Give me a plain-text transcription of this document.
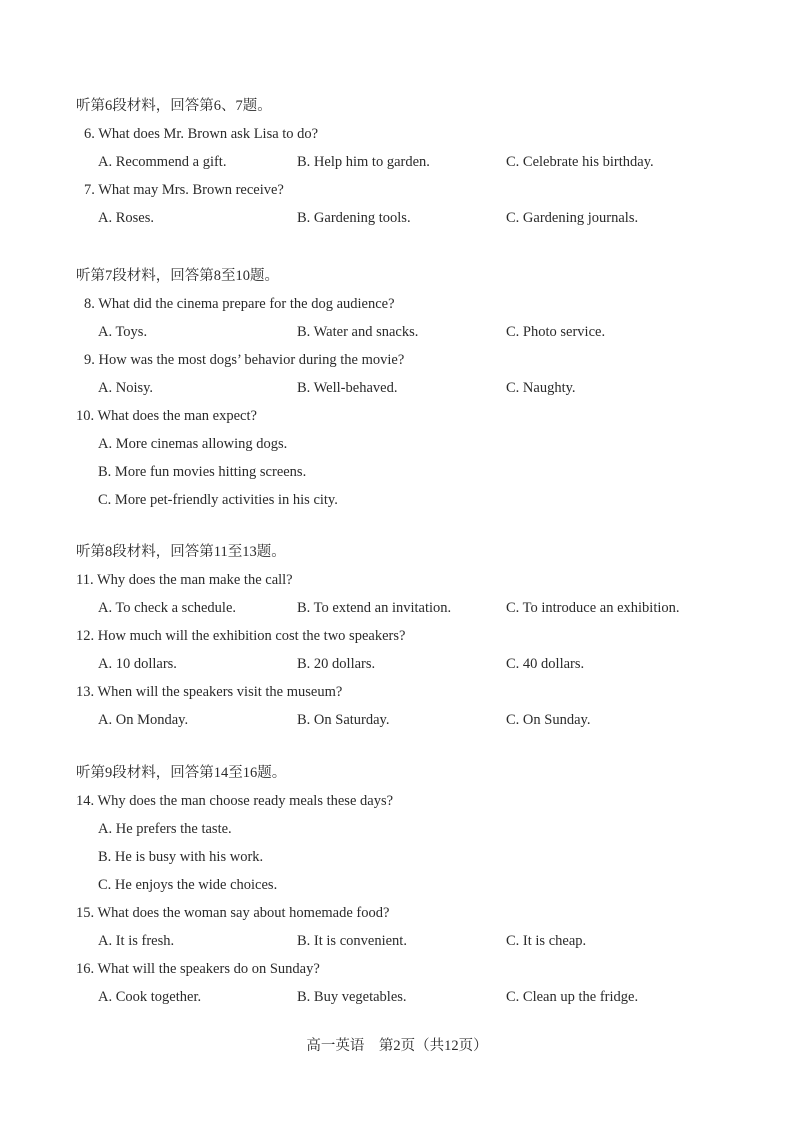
听第6段材料，回答第6、7题。
6. What does Mr. Brown ask Lisa to do?
A. Recommend a gift.	B. Help him to garden.	C. Celebrate his birthday.
7. What may Mrs. Brown receive?
A. Roses.	B. Gardening tools.	C. Gardening journals.
听第7段材料，回答第8至10题。
8. What did the cinema prepare for the dog audience?
A. Toys.	B. Water and snacks.	C. Photo service.
9. How was the most dogs’ behavior during the movie?
A. Noisy.	B. Well-behaved.	C. Naughty.
10. What does the man expect?
A. More cinemas allowing dogs.
B. More fun movies hitting screens.
C. More pet-friendly activities in his city.
听第8段材料，回答第11至13题。
11. Why does the man make the call?
A. To check a schedule.	B. To extend an invitation.	C. To introduce an exhibition.
12. How much will the exhibition cost the two speakers?
A. 10 dollars.	B. 20 dollars.	C. 40 dollars.
13. When will the speakers visit the museum?
A. On Monday.	B. On Saturday.	C. On Sunday.
听第9段材料，回答第14至16题。
14. Why does the man choose ready meals these days?
A. He prefers the taste.
B. He is busy with his work.
C. He enjoys the wide choices.
15. What does the woman say about homemade food?
A. It is fresh.	B. It is convenient.	C. It is cheap.
16. What will the speakers do on Sunday?
A. Cook together.	B. Buy vegetables.	C. Clean up the fridge.
高一英语　第2页（共12页）
